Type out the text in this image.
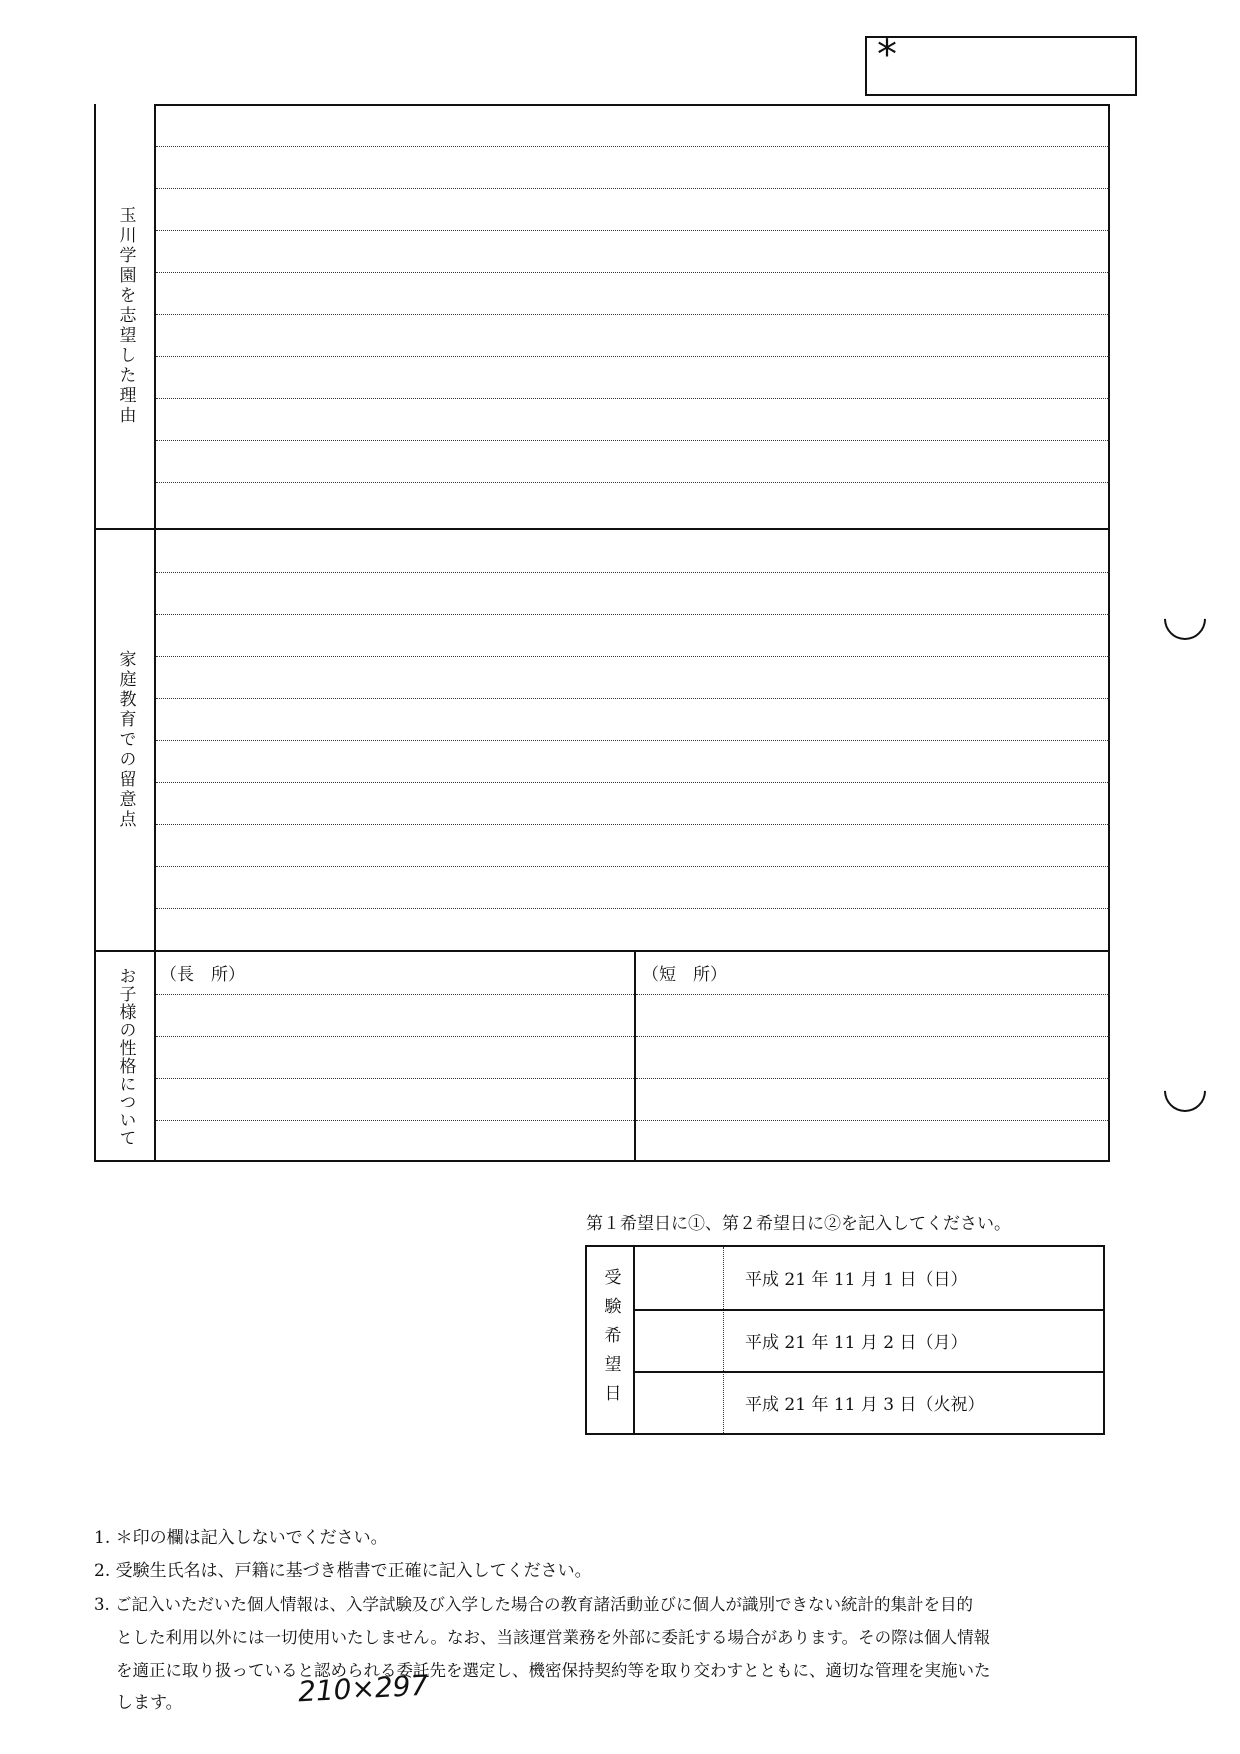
*
玉川学園を志望した理由
家庭教育での留意点
お子様の性格について （長　所）	（短　所）
第１希望日に①、第２希望日に②を記入してください。
受験希望日	平成 21 年 11 月 1 日（日）
平成 21 年 11 月 2 日（月）
平成 21 年 11 月 3 日（火祝）
1. ＊印の欄は記入しないでください。
2. 受験生氏名は、戸籍に基づき楷書で正確に記入してください。
3. ご記入いただいた個人情報は、入学試験及び入学した場合の教育諸活動並びに個人が識別できない統計的集計を目的
とした利用以外には一切使用いたしません。なお、当該運営業務を外部に委託する場合があります。その際は個人情報
を適正に取り扱っていると認められる委託先を選定し、機密保持契約等を取り交わすとともに、適切な管理を実施いた
します。	210×297
